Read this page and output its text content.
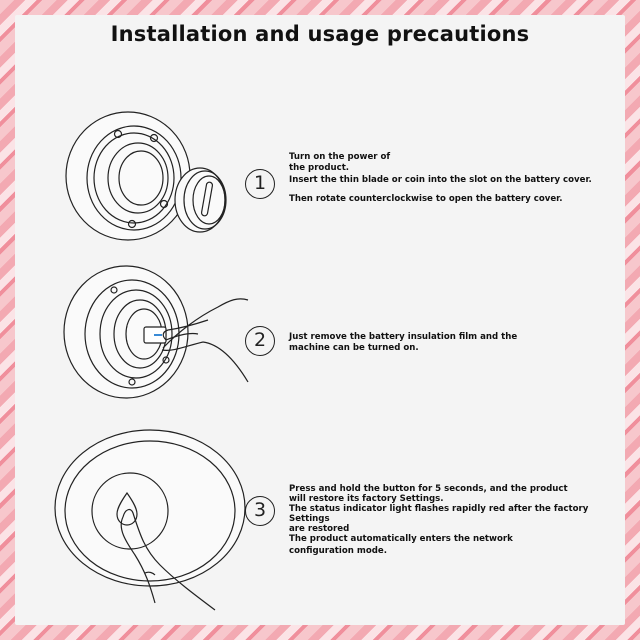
Installation and usage precautions
1

Turn on the power of

the product.

Insert the thin blade or coin into the slot on the battery cover.

Then rotate counterclockwise to open the battery cover.

2	Just remove the battery insulation film and the

machine can be turned on.

3

Press and hold the button for 5 seconds, and the product

will restore its factory Settings.

The status indicator light flashes rapidly red after the factory Settings

are restored

The product automatically enters the network

configuration mode.
